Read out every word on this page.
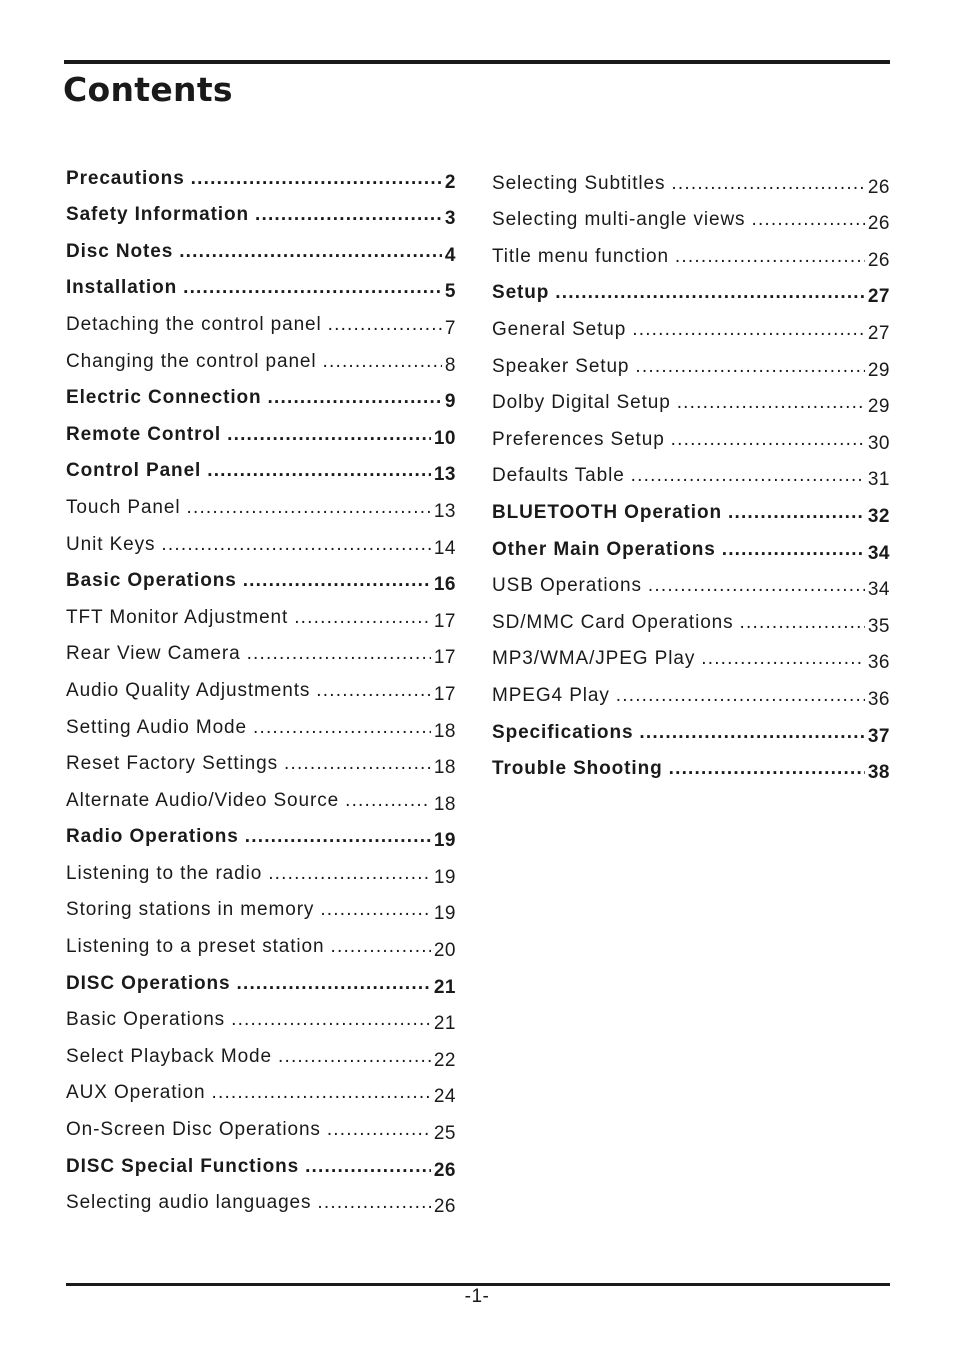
Contents
Precautions .....	2
Safety Information .....	3
Disc Notes .....	4
Installation .....	5
Detaching the control panel .....	7
Changing the control panel .....	8
Electric Connection .....	9
Remote Control .....	10
Control Panel .....	13
Touch Panel .....	13
Unit Keys .....	14
Basic Operations .....	16
TFT Monitor Adjustment .....	17
Rear View Camera .....	17
Audio Quality Adjustments .....	17
Setting Audio Mode .....	18
Reset Factory Settings .....	18
Alternate Audio/Video Source .....	18
Radio Operations .....	19
Listening to the radio .....	19
Storing stations in memory .....	19
Listening to a preset station .....	20
DISC Operations .....	21
Basic Operations .....	21
Select Playback Mode .....	22
AUX Operation .....	24
On-Screen Disc Operations .....	25
DISC Special Functions .....	26
Selecting audio languages .....	26
Selecting Subtitles .....	26
Selecting multi-angle views .....	26
Title menu function .....	26
Setup .....	27
General Setup .....	27
Speaker Setup .....	29
Dolby Digital Setup .....	29
Preferences Setup .....	30
Defaults Table .....	31
BLUETOOTH Operation .....	32
Other Main Operations .....	34
USB Operations .....	34
SD/MMC Card Operations .....	35
MP3/WMA/JPEG Play .....	36
MPEG4 Play .....	36
Specifications .....	37
Trouble Shooting .....	38
-1-
